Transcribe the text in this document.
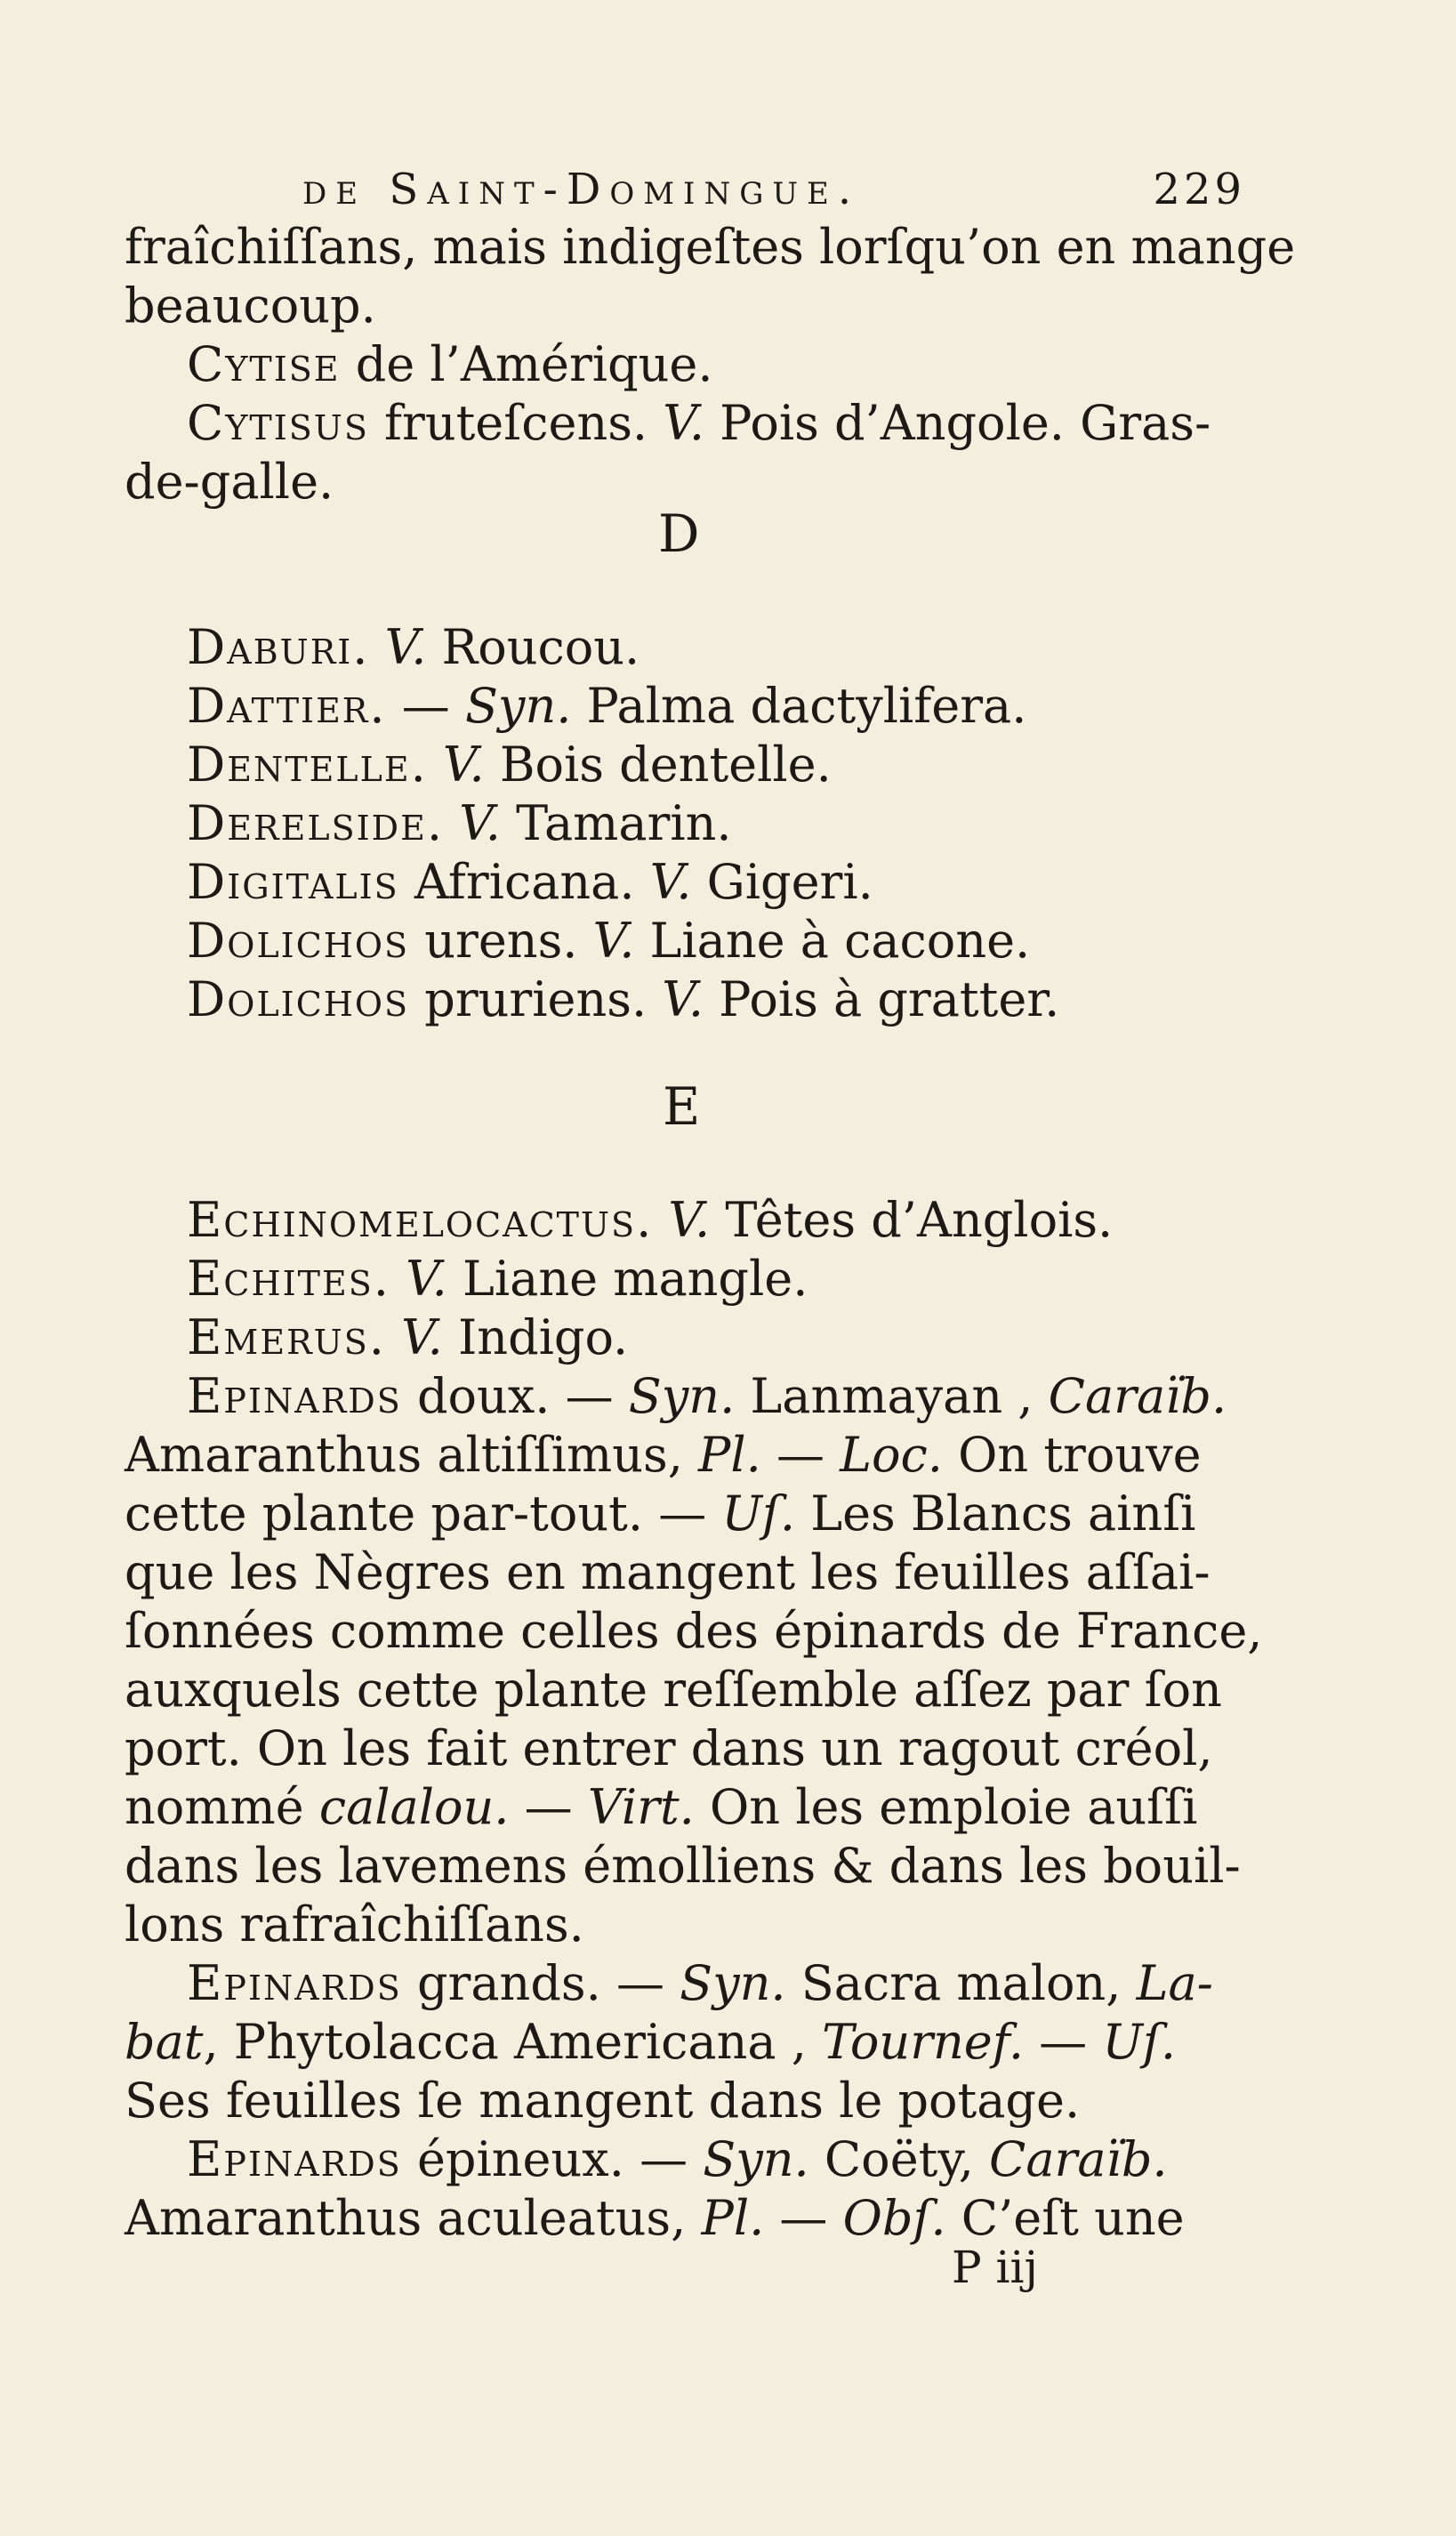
de Saint-Domingue.	229
fraîchiſſans, mais indigeſtes lorſqu’on en mange
beaucoup.
Cytise de l’Amérique.
Cytisus fruteſcens. V. Pois d’Angole. Gras-
de-galle.
D
Daburi. V. Roucou.
Dattier. — Syn. Palma dactylifera.
Dentelle. V. Bois dentelle.
Derelside. V. Tamarin.
Digitalis Africana. V. Gigeri.
Dolichos urens. V. Liane à cacone.
Dolichos pruriens. V. Pois à gratter.
E
Echinomelocactus. V. Têtes d’Anglois.
Echites. V. Liane mangle.
Emerus. V. Indigo.
Epinards doux. — Syn. Lanmayan , Caraïb.
Amaranthus altiſſimus, Pl. — Loc. On trouve
cette plante par-tout. — Uſ. Les Blancs ainſi
que les Nègres en mangent les feuilles aſſai-
ſonnées comme celles des épinards de France,
auxquels cette plante reſſemble aſſez par ſon
port. On les fait entrer dans un ragout créol,
nommé calalou. — Virt. On les emploie auſſi
dans les lavemens émolliens & dans les bouil-
lons rafraîchiſſans.
Epinards grands. — Syn. Sacra malon, La-
bat, Phytolacca Americana , Tournef. — Uſ.
Ses feuilles ſe mangent dans le potage.
Epinards épineux. — Syn. Coëty, Caraïb.
Amaranthus aculeatus, Pl. — Obſ. C’eſt une
P iij
